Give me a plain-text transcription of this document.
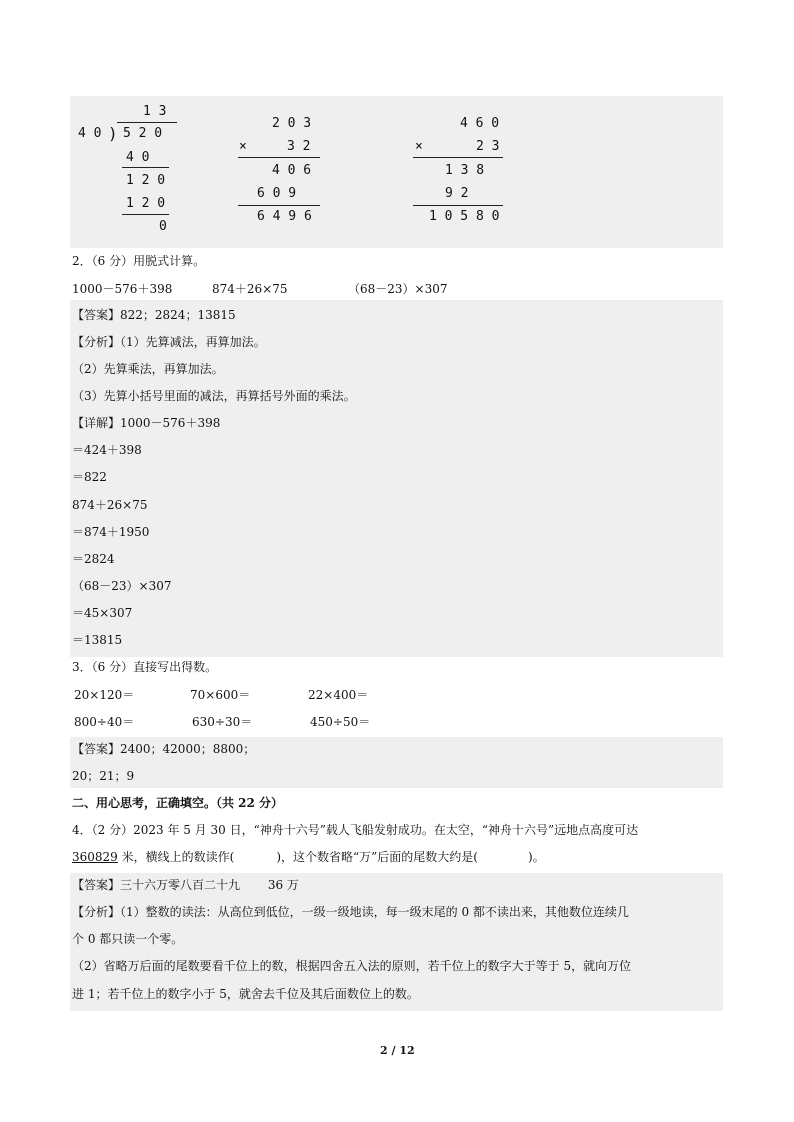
1 3
4 0 ) 5 2 0
4 0
1 2 0
1 2 0
0
2 0 3
×	3 2
4 0 6
6 0 9
6 4 9 6
4 6 0
×	2 3
1 3 8
9 2
1 0 5 8 0
2．（6 分）用脱式计算。
1000－576＋398	874＋26×75	（68－23）×307
【答案】822；2824；13815
【分析】（1）先算减法，再算加法。
（2）先算乘法，再算加法。
（3）先算小括号里面的减法，再算括号外面的乘法。
【详解】1000－576＋398
＝424＋398
＝822
874＋26×75
＝874＋1950
＝2824
（68－23）×307
＝45×307
＝13815
3．（6 分）直接写出得数。
20×120＝	70×600＝	22×400＝
800÷40＝	630÷30＝	450÷50＝
【答案】2400；42000；8800；
20；21；9
二、用心思考，正确填空。（共 22 分）
4．（2 分）2023 年 5 月 30 日，“神舟十六号”载人飞船发射成功。在太空，“神舟十六号”远地点高度可达
360829 米，横线上的数读作(	)，这个数省略“万”后面的尾数大约是(	)。
【答案】三十六万零八百二十九　　 36 万
【分析】（1）整数的读法：从高位到低位，一级一级地读，每一级末尾的 0 都不读出来，其他数位连续几
个 0 都只读一个零。
（2）省略万后面的尾数要看千位上的数，根据四舍五入法的原则，若千位上的数字大于等于 5，就向万位
进 1；若千位上的数字小于 5，就舍去千位及其后面数位上的数。
2 / 12
